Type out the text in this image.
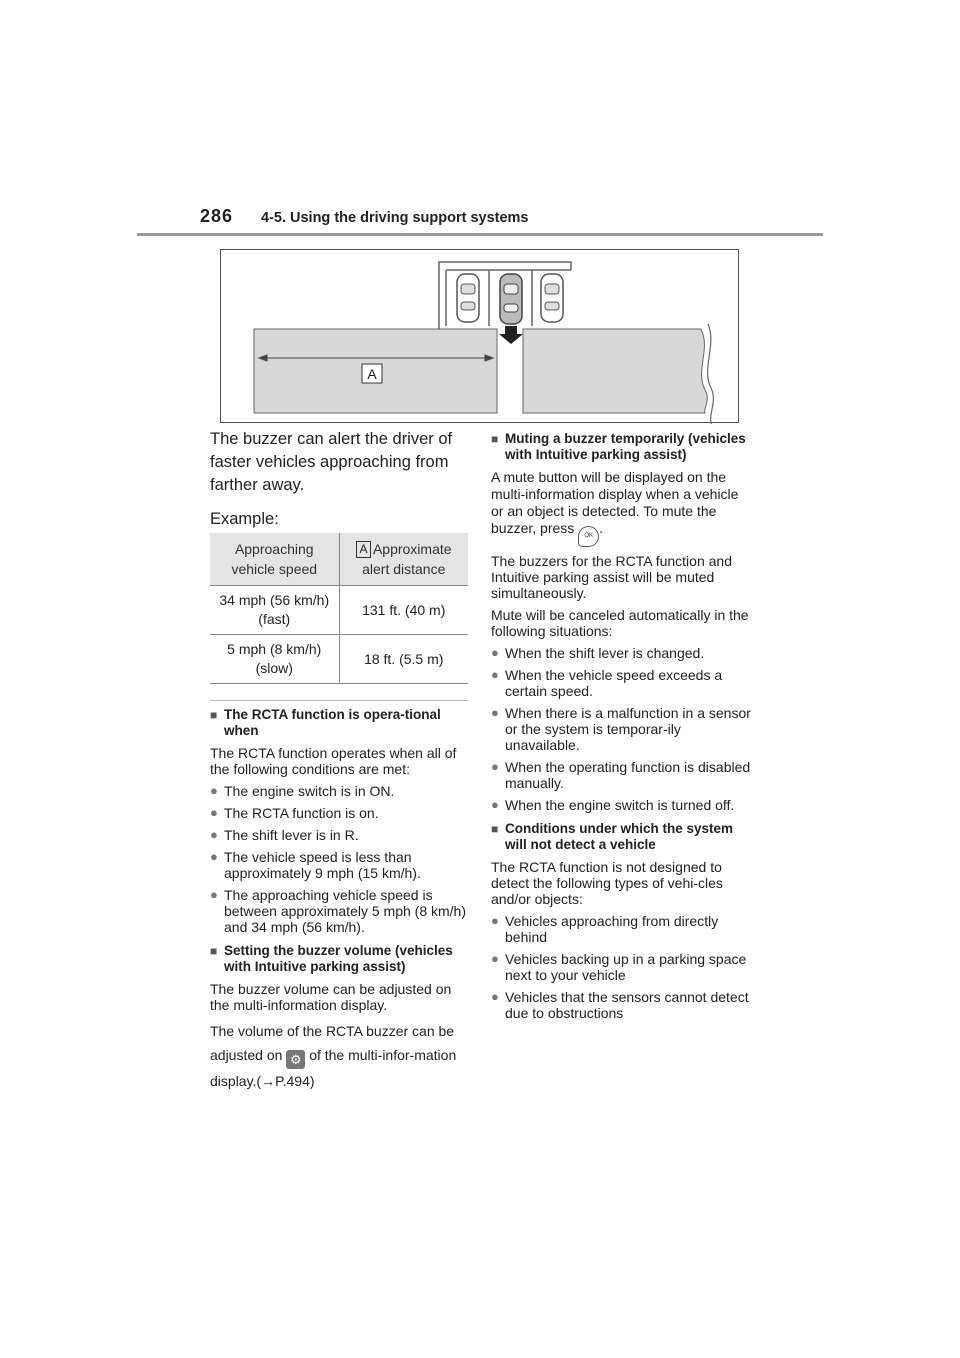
286 4-5. Using the driving support systems
A

The buzzer can alert the driver of faster vehicles approaching from farther away.

Example:

Approaching vehicle speed	A Approximate alert distance
34 mph (56 km/h) (fast)	131 ft. (40 m)
5 mph (8 km/h) (slow)	18 ft. (5.5 m)

■ The RCTA function is opera-tional when

The RCTA function operates when all of the following conditions are met:

● The engine switch is in ON.

● The RCTA function is on.

● The shift lever is in R.

● The vehicle speed is less than approximately 9 mph (15 km/h).

● The approaching vehicle speed is between approximately 5 mph (8 km/h) and 34 mph (56 km/h).

■ Setting the buzzer volume (vehicles with Intuitive parking assist)

The buzzer volume can be adjusted on the multi-information display.

The volume of the RCTA buzzer can be adjusted on ⚙ of the multi-infor-mation display.(→P.494)

■ Muting a buzzer temporarily (vehicles with Intuitive parking assist)

A mute button will be displayed on the multi-information display when a vehicle or an object is detected. To mute the buzzer, press OK .

The buzzers for the RCTA function and Intuitive parking assist will be muted simultaneously.

Mute will be canceled automatically in the following situations:

● When the shift lever is changed.

● When the vehicle speed exceeds a certain speed.

● When there is a malfunction in a sensor or the system is temporar-ily unavailable.

● When the operating function is disabled manually.

● When the engine switch is turned off.

■ Conditions under which the system will not detect a vehicle

The RCTA function is not designed to detect the following types of vehi-cles and/or objects:

● Vehicles approaching from directly behind

● Vehicles backing up in a parking space next to your vehicle

● Vehicles that the sensors cannot detect due to obstructions
